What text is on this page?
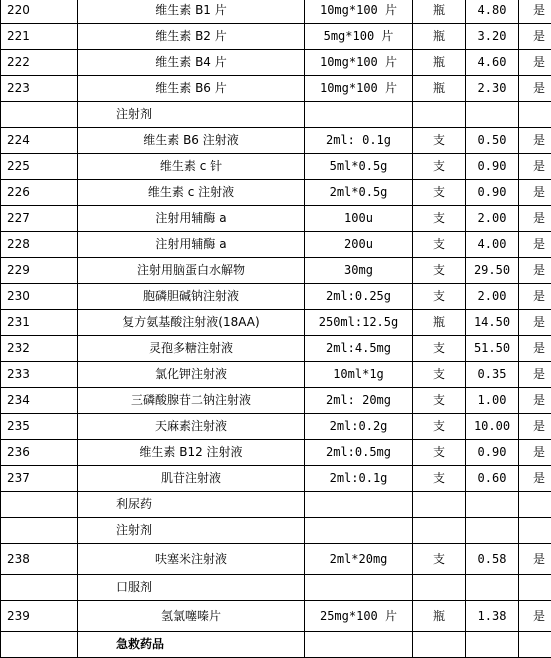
220	维生素 B1 片	10mg*100 片	瓶	4.80	是
221	维生素 B2 片	5mg*100 片	瓶	3.20	是
222	维生素 B4 片	10mg*100 片	瓶	4.60	是
223	维生素 B6 片	10mg*100 片	瓶	2.30	是
	注射剂				
224	维生素 B6 注射液	2ml: 0.1g	支	0.50	是
225	维生素 c 针	5ml*0.5g	支	0.90	是
226	维生素 c 注射液	2ml*0.5g	支	0.90	是
227	注射用辅酶 a	100u	支	2.00	是
228	注射用辅酶 a	200u	支	4.00	是
229	注射用脑蛋白水解物	30mg	支	29.50	是
230	胞磷胆碱钠注射液	2ml:0.25g	支	2.00	是
231	复方氨基酸注射液(18AA)	250ml:12.5g	瓶	14.50	是
232	灵孢多糖注射液	2ml:4.5mg	支	51.50	是
233	氯化钾注射液	10ml*1g	支	0.35	是
234	三磷酸腺苷二钠注射液	2ml: 20mg	支	1.00	是
235	天麻素注射液	2ml:0.2g	支	10.00	是
236	维生素 B12 注射液	2ml:0.5mg	支	0.90	是
237	肌苷注射液	2ml:0.1g	支	0.60	是
	利尿药				
	注射剂				
238	呋塞米注射液	2ml*20mg	支	0.58	是
	口服剂				
239	氢氯噻嗪片	25mg*100 片	瓶	1.38	是
	急救药品				
